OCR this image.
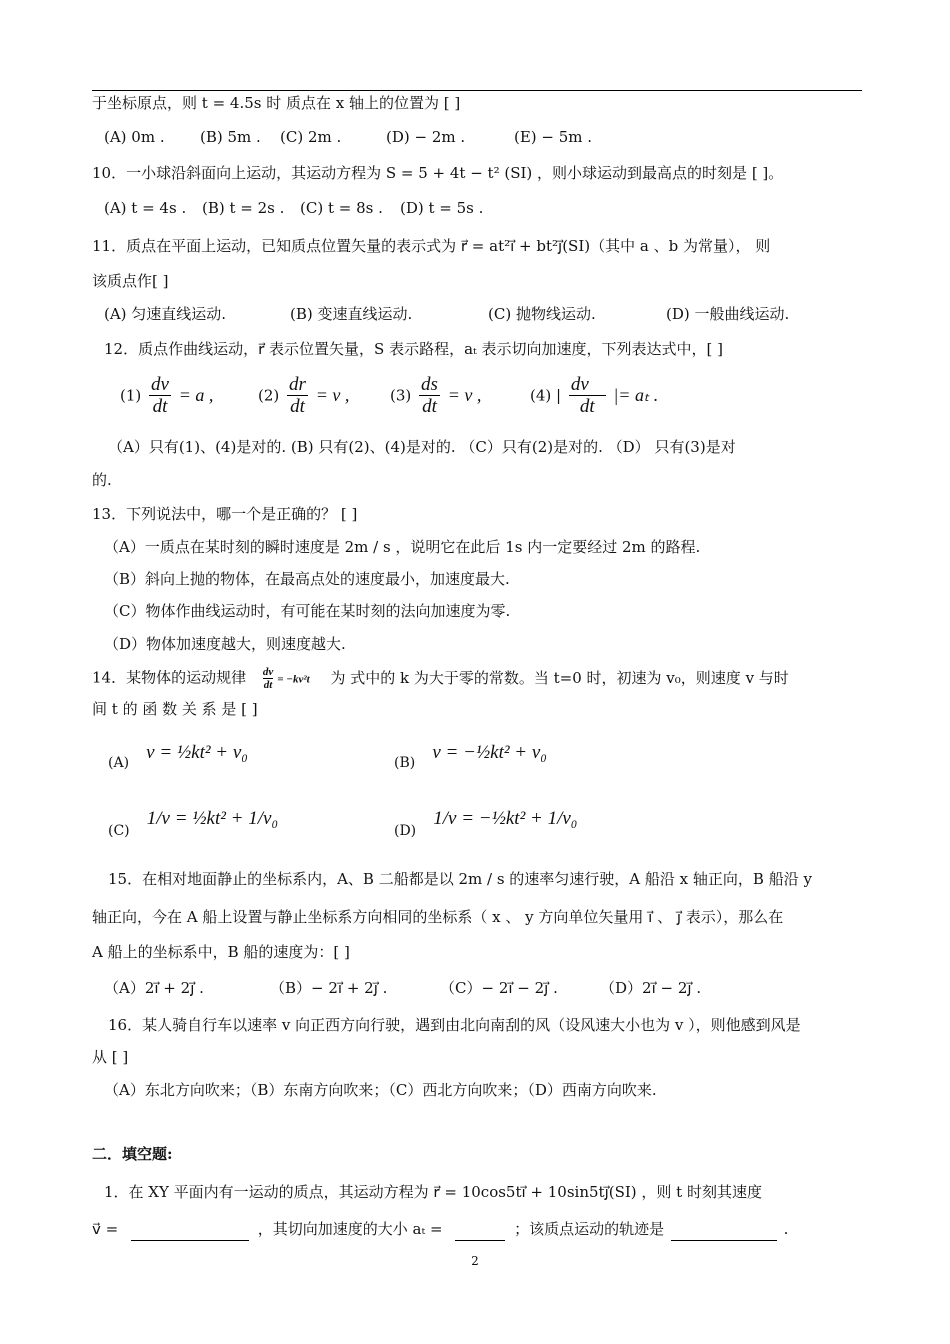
于坐标原点，则 t = 4.5s 时 质点在 x 轴上的位置为 [ ]
(A) 0m . (B) 5m . (C) 2m .	(D) − 2m .	(E) − 5m .
10．一小球沿斜面向上运动，其运动方程为 S = 5 + 4t − t² (SI) ，则小球运动到最高点的时刻是 [ ]。
(A) t = 4s . (B) t = 2s . (C) t = 8s . (D) t = 5s .
11．质点在平面上运动，已知质点位置矢量的表示式为 r⃗ = at²i⃗ + bt²j⃗(SI)（其中 a 、b 为常量）， 则
该质点作[ ]
(A) 匀速直线运动.	(B) 变速直线运动.	(C) 抛物线运动.	(D) 一般曲线运动.
12．质点作曲线运动，r⃗ 表示位置矢量，S 表示路程，aₜ 表示切向加速度，下列表达式中，[ ]
$(1) \frac{dv}{dt} = a$ ,	$(2) \frac{dr}{dt} = v$ ,	$(3) \frac{ds}{dt} = v$ ,	(4) | $\frac{dv⃗}{dt}$ |= aₜ .
（A）只有(1)、(4)是对的. (B) 只有(2)、(4)是对的. （C）只有(2)是对的. （D） 只有(3)是对
的.
13．下列说法中，哪一个是正确的？ [ ]
（A）一质点在某时刻的瞬时速度是 2m / s ，说明它在此后 1s 内一定要经过 2m 的路程.
（B）斜向上抛的物体，在最高点处的速度最小，加速度最大.
（C）物体作曲线运动时，有可能在某时刻的法向加速度为零.
（D）物体加速度越大，则速度越大.
14．某物体的运动规律 $\frac{dv}{dt} = -kv^2t$ 为 式中的 k 为大于零的常数。当 t=0 时，初速为 v₀，则速度 v 与时
间 t 的 函 数 关 系 是 [ ]
(A) v = ½kt² + v₀	(B) v = −½kt² + v₀
(C) 1/v = ½kt² + 1/v₀
(D) 1/v = −½kt² + 1/v₀
15．在相对地面静止的坐标系内，A、B 二船都是以 2m / s 的速率匀速行驶，A 船沿 x 轴正向，B 船沿 y
轴正向，今在 A 船上设置与静止坐标系方向相同的坐标系（ x 、 y 方向单位矢量用 i⃗ 、 j⃗ 表示），那么在
A 船上的坐标系中，B 船的速度为：[ ]
（A）2i⃗ + 2j⃗ .	（B）− 2i⃗ + 2j⃗ .	（C）− 2i⃗ − 2j⃗ .	（D）2i⃗ − 2j⃗ .
16．某人骑自行车以速率 v 向正西方向行驶，遇到由北向南刮的风（设风速大小也为 v ），则他感到风是
从 [ ]
（A）东北方向吹来；（B）东南方向吹来；（C）西北方向吹来；（D）西南方向吹来.
二．填空题:
1．在 XY 平面内有一运动的质点，其运动方程为 r⃗ = 10cos5ti⃗ + 10sin5tj⃗(SI) ，则 t 时刻其速度
v⃗ =	，其切向加速度的大小 aₜ =	；该质点运动的轨迹是	.
2
